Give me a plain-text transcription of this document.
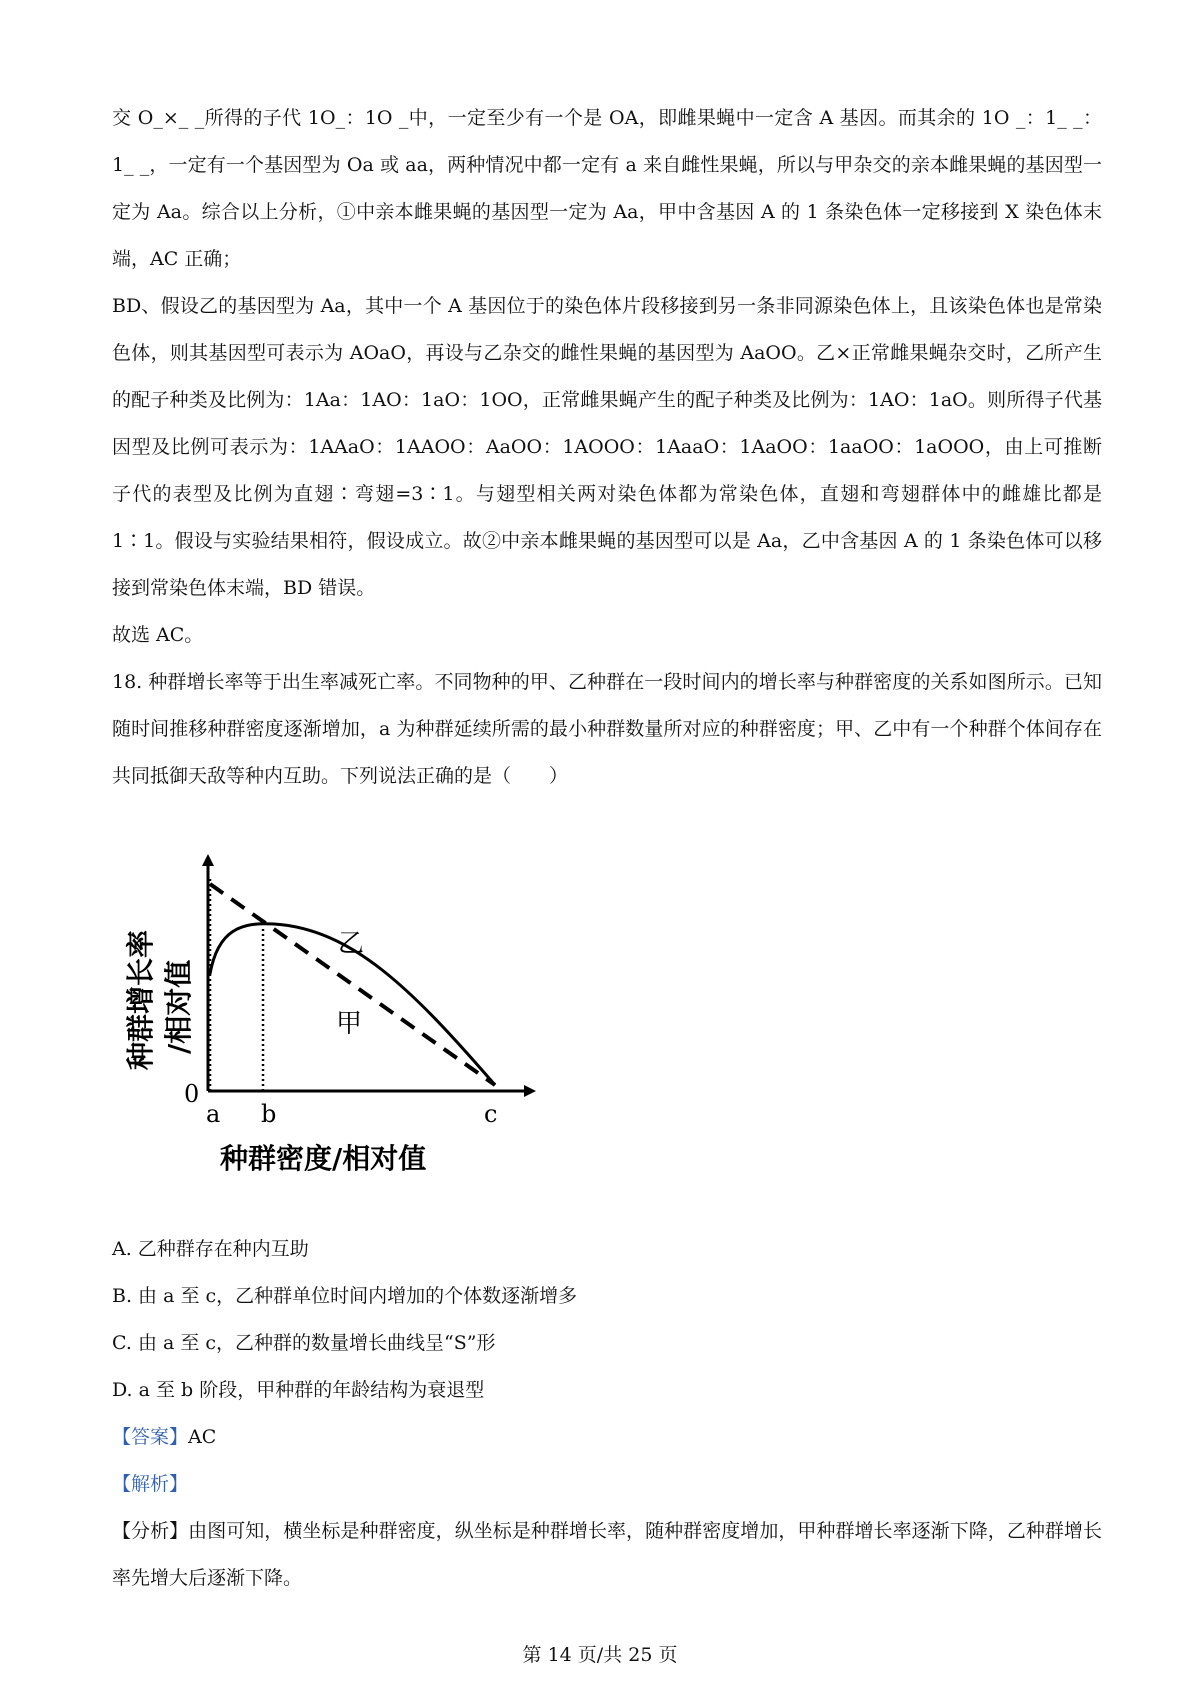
交 O_×_ _所得的子代 1O_：1O _中，一定至少有一个是 OA，即雌果蝇中一定含 A 基因。而其余的 1O _：1_ _：1_ _，一定有一个基因型为 Oa 或 aa，两种情况中都一定有 a 来自雌性果蝇，所以与甲杂交的亲本雌果蝇的基因型一定为 Aa。综合以上分析，①中亲本雌果蝇的基因型一定为 Aa，甲中含基因 A 的 1 条染色体一定移接到 X 染色体末端，AC 正确；

BD、假设乙的基因型为 Aa，其中一个 A 基因位于的染色体片段移接到另一条非同源染色体上，且该染色体也是常染色体，则其基因型可表示为 AOaO，再设与乙杂交的雌性果蝇的基因型为 AaOO。乙×正常雌果蝇杂交时，乙所产生的配子种类及比例为：1Aa：1AO：1aO：1OO，正常雌果蝇产生的配子种类及比例为：1AO：1aO。则所得子代基因型及比例可表示为：1AAaO：1AAOO：AaOO：1AOOO：1AaaO：1AaOO：1aaOO：1aOOO，由上可推断子代的表型及比例为直翅∶弯翅=3∶1。与翅型相关两对染色体都为常染色体，直翅和弯翅群体中的雌雄比都是 1∶1。假设与实验结果相符，假设成立。故②中亲本雌果蝇的基因型可以是 Aa，乙中含基因 A 的 1 条染色体可以移接到常染色体末端，BD 错误。

故选 AC。

18. 种群增长率等于出生率减死亡率。不同物种的甲、乙种群在一段时间内的增长率与种群密度的关系如图所示。已知随时间推移种群密度逐渐增加，a 为种群延续所需的最小种群数量所对应的种群密度；甲、乙中有一个种群个体间存在共同抵御天敌等种内互助。下列说法正确的是（　　）

乙
甲
0
a b	c
种群密度/相对值
种群增长率 /相对值

A. 乙种群存在种内互助

B. 由 a 至 c，乙种群单位时间内增加的个体数逐渐增多

C. 由 a 至 c，乙种群的数量增长曲线呈“S”形

D. a 至 b 阶段，甲种群的年龄结构为衰退型

【答案】AC

【解析】

【分析】由图可知，横坐标是种群密度，纵坐标是种群增长率，随种群密度增加，甲种群增长率逐渐下降，乙种群增长率先增大后逐渐下降。

第 14 页/共 25 页
